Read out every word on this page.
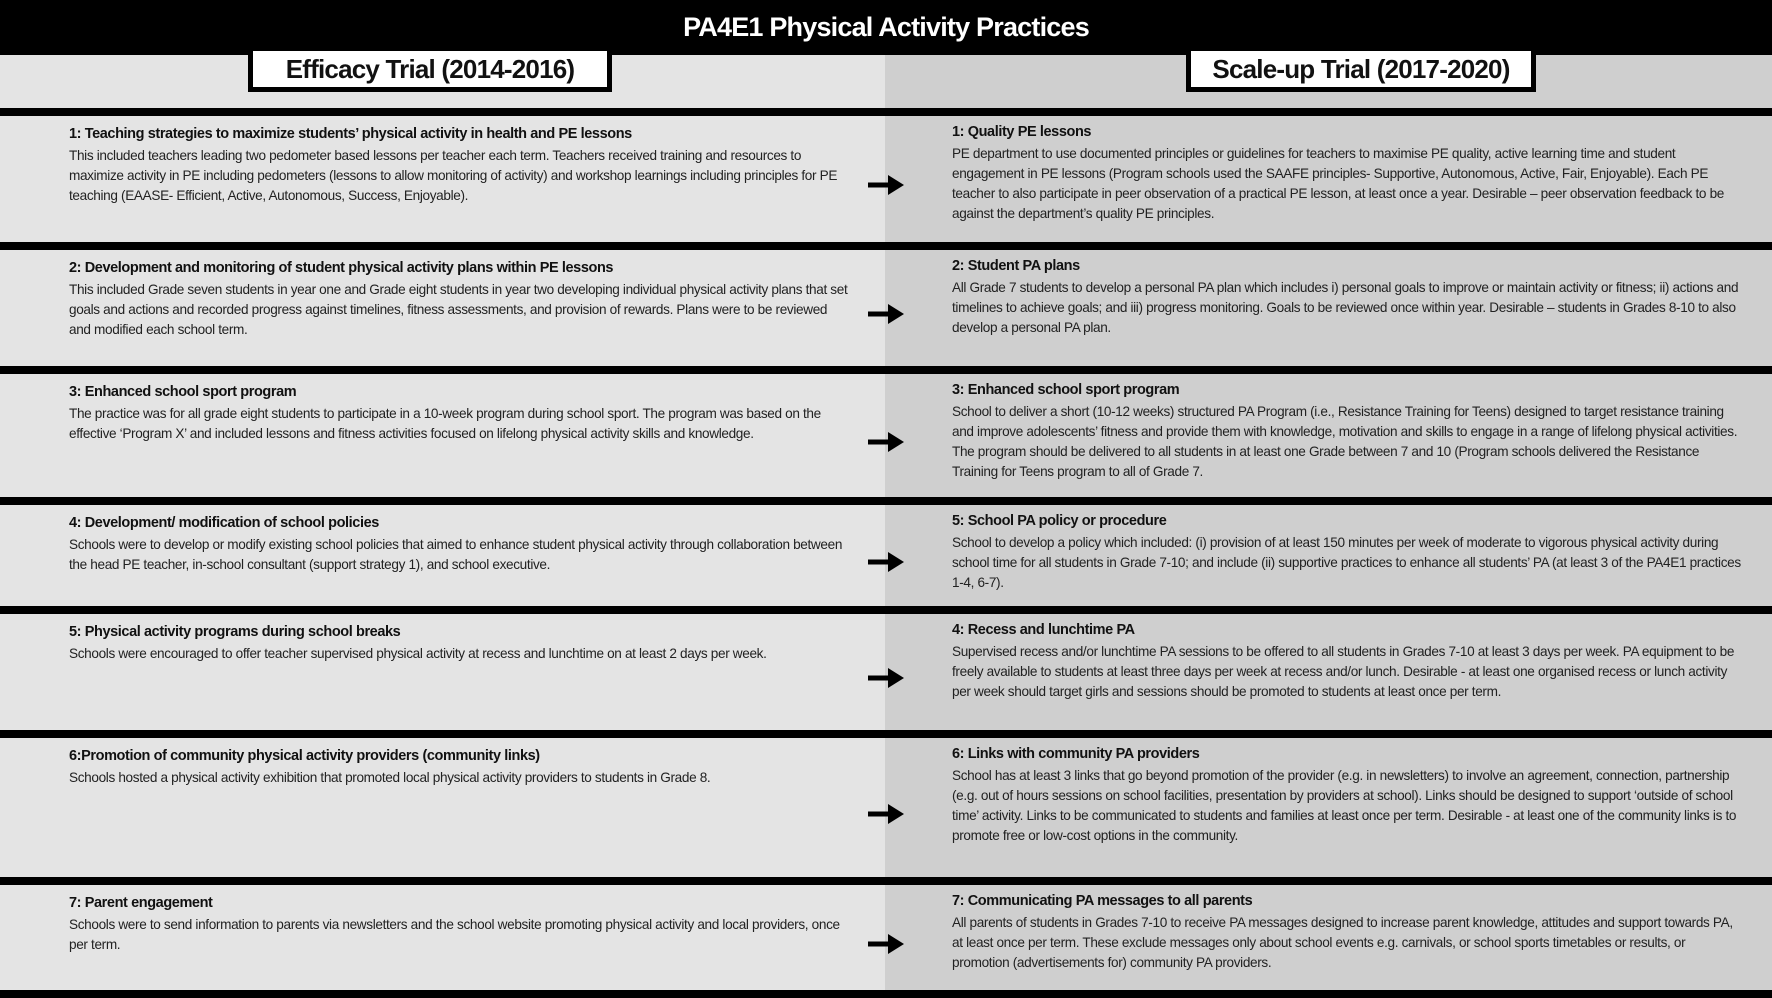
PA4E1 Physical Activity Practices
Efficacy Trial (2014-2016)	Scale-up Trial (2017-2020)
1: Teaching strategies to maximize students’ physical activity in health and PE lessons
This included teachers leading two pedometer based lessons per teacher each term. Teachers received training and resources to maximize activity in PE including pedometers (lessons to allow monitoring of activity) and workshop learnings including principles for PE teaching (EAASE- Efficient, Active, Autonomous, Success, Enjoyable).
1: Quality PE lessons
PE department to use documented principles or guidelines for teachers to maximise PE quality, active learning time and student engagement in PE lessons (Program schools used the SAAFE principles- Supportive, Autonomous, Active, Fair, Enjoyable). Each PE teacher to also participate in peer observation of a practical PE lesson, at least once a year. Desirable – peer observation feedback to be against the department’s quality PE principles.
2: Development and monitoring of student physical activity plans within PE lessons
This included Grade seven students in year one and Grade eight students in year two developing individual physical activity plans that set goals and actions and recorded progress against timelines, fitness assessments, and provision of rewards. Plans were to be reviewed and modified each school term.
2: Student PA plans
All Grade 7 students to develop a personal PA plan which includes i) personal goals to improve or maintain activity or fitness; ii) actions and timelines to achieve goals; and iii) progress monitoring. Goals to be reviewed once within year. Desirable – students in Grades 8-10 to also develop a personal PA plan.
3: Enhanced school sport program
The practice was for all grade eight students to participate in a 10-week program during school sport. The program was based on the effective ‘Program X’ and included lessons and fitness activities focused on lifelong physical activity skills and knowledge.
3: Enhanced school sport program
School to deliver a short (10-12 weeks) structured PA Program (i.e., Resistance Training for Teens) designed to target resistance training and improve adolescents’ fitness and provide them with knowledge, motivation and skills to engage in a range of lifelong physical activities. The program should be delivered to all students in at least one Grade between 7 and 10 (Program schools delivered the Resistance Training for Teens program to all of Grade 7.
4: Development/ modification of school policies
Schools were to develop or modify existing school policies that aimed to enhance student physical activity through collaboration between the head PE teacher, in-school consultant (support strategy 1), and school executive.
5: School PA policy or procedure
School to develop a policy which included: (i) provision of at least 150 minutes per week of moderate to vigorous physical activity during school time for all students in Grade 7-10; and include (ii) supportive practices to enhance all students’ PA (at least 3 of the PA4E1 practices 1-4, 6-7).
5: Physical activity programs during school breaks
Schools were encouraged to offer teacher supervised physical activity at recess and lunchtime on at least 2 days per week.
4: Recess and lunchtime PA
Supervised recess and/or lunchtime PA sessions to be offered to all students in Grades 7-10 at least 3 days per week. PA equipment to be freely available to students at least three days per week at recess and/or lunch. Desirable - at least one organised recess or lunch activity per week should target girls and sessions should be promoted to students at least once per term.
6:Promotion of community physical activity providers (community links)
Schools hosted a physical activity exhibition that promoted local physical activity providers to students in Grade 8.
6: Links with community PA providers
School has at least 3 links that go beyond promotion of the provider (e.g. in newsletters) to involve an agreement, connection, partnership (e.g. out of hours sessions on school facilities, presentation by providers at school). Links should be designed to support ‘outside of school time’ activity. Links to be communicated to students and families at least once per term. Desirable - at least one of the community links is to promote free or low-cost options in the community.
7: Parent engagement
Schools were to send information to parents via newsletters and the school website promoting physical activity and local providers, once per term.
7: Communicating PA messages to all parents
All parents of students in Grades 7-10 to receive PA messages designed to increase parent knowledge, attitudes and support towards PA, at least once per term. These exclude messages only about school events e.g. carnivals, or school sports timetables or results, or promotion (advertisements for) community PA providers.
